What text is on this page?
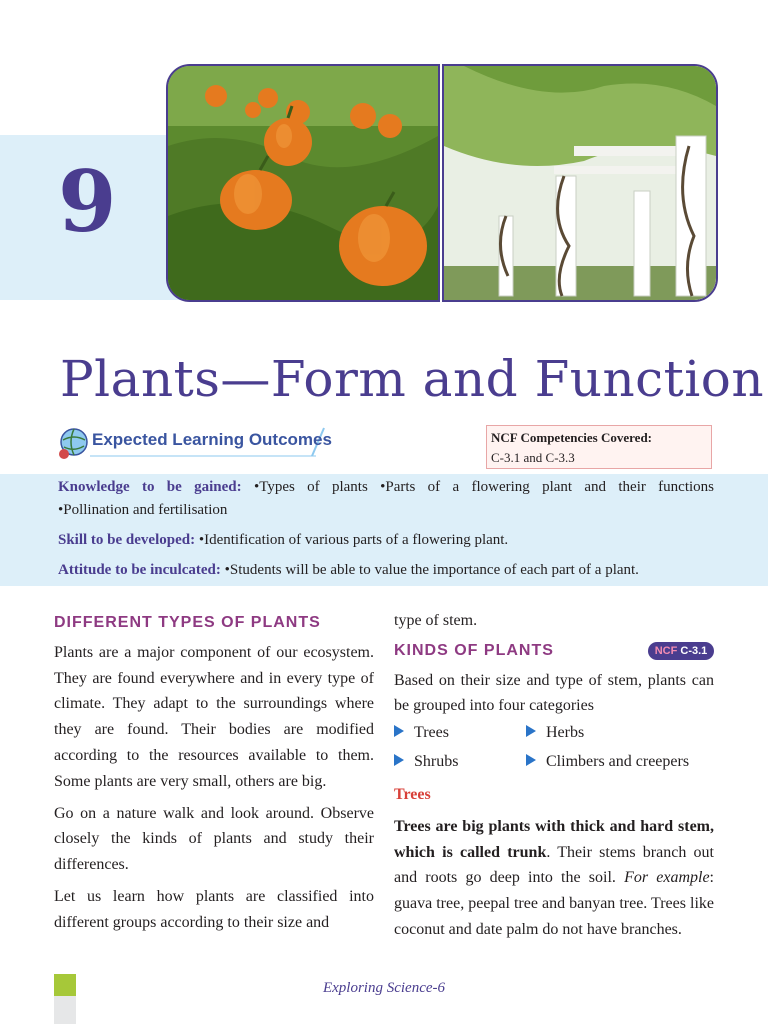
9
Plants—Form and Function
Expected Learning Outcomes	NCF Competencies Covered:
C-3.1 and C-3.3
Knowledge to be gained: •Types of plants •Parts of a flowering plant and their functions
•Pollination and fertilisation
Skill to be developed: •Identification of various parts of a flowering plant.
Attitude to be inculcated: •Students will be able to value the importance of each part of a plant.
DIFFERENT TYPES OF PLANTS

Plants are a major component of our ecosystem. They are found everywhere and in every type of climate. They adapt to the surroundings where they are found. Their bodies are modified according to the resources available to them. Some plants are very small, others are big.

Go on a nature walk and look around. Observe closely the kinds of plants and study their differences.

Let us learn how plants are classified into different groups according to their size and

type of stem.

KINDS OF PLANTS

Based on their size and type of stem, plants can be grouped into four categories

NCF C-3.1
Trees	Herbs
Shrubs	Climbers and creepers
Trees

Trees are big plants with thick and hard stem, which is called trunk. Their stems branch out and roots go deep into the soil. For example: guava tree, peepal tree and banyan tree. Trees like coconut and date palm do not have branches.

Exploring Science-6
